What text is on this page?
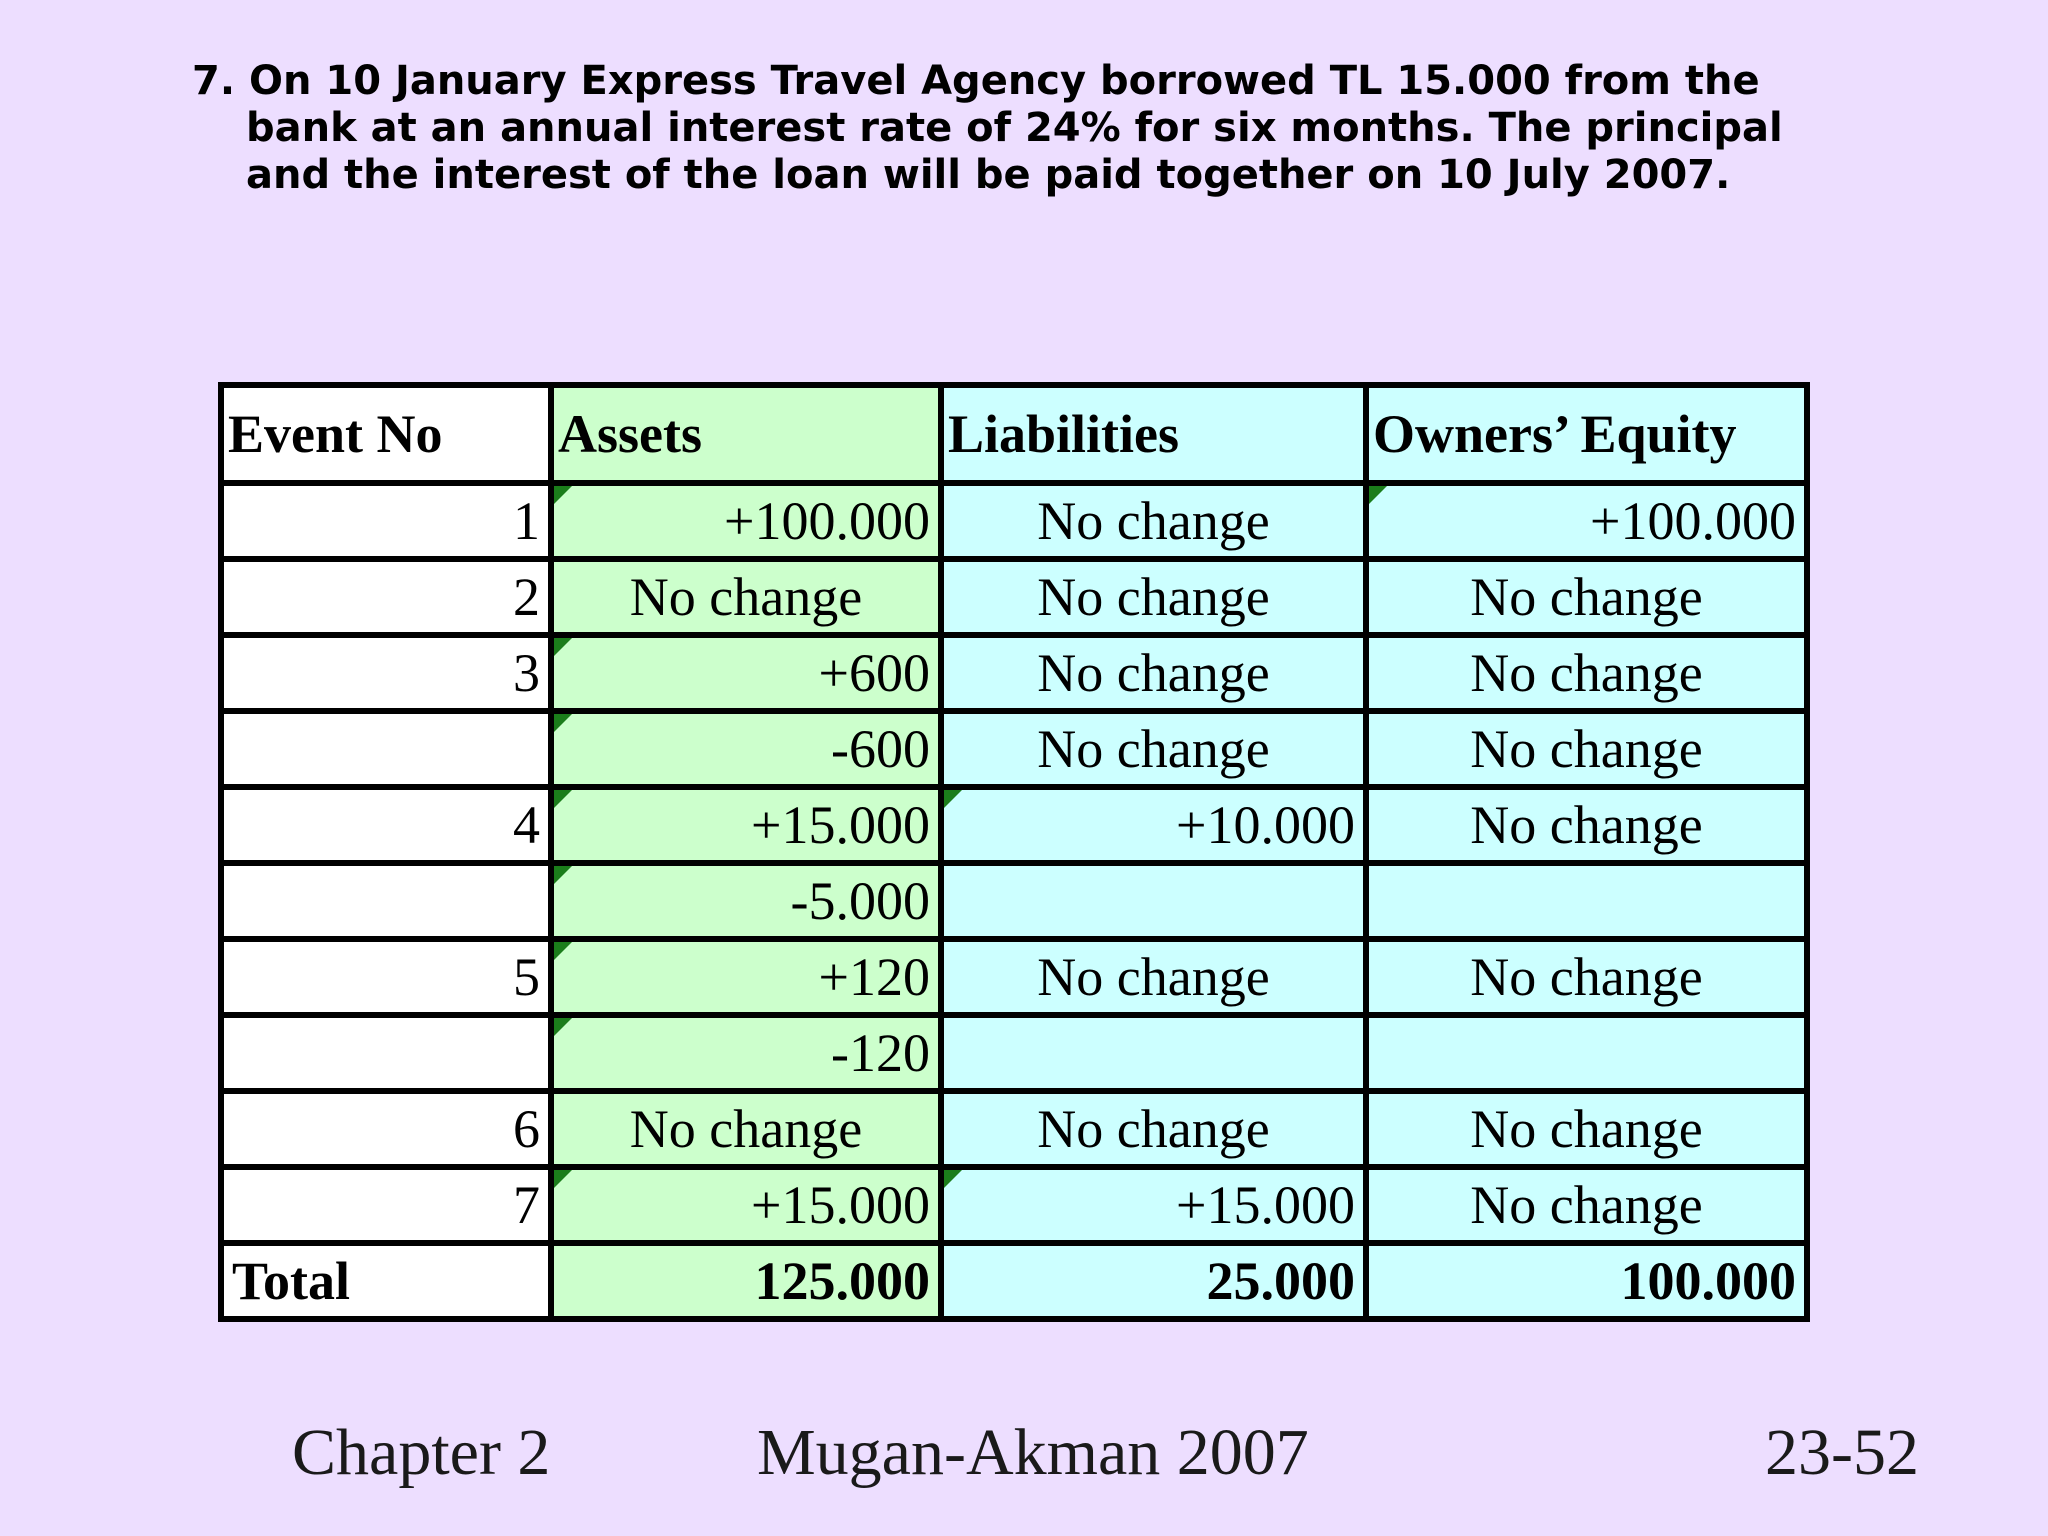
7. On 10 January Express Travel Agency borrowed TL 15.000 from the
bank at an annual interest rate of 24% for six months. The principal
and the interest of the loan will be paid together on 10 July 2007.
Event No	Assets	Liabilities	Owners’ Equity
1	+100.000	No change	+100.000
2	No change	No change	No change
3	+600	No change	No change
	-600	No change	No change
4	+15.000	+10.000	No change
	-5.000		
5	+120	No change	No change
	-120		
6	No change	No change	No change
7	+15.000	+15.000	No change
Total	125.000	25.000	100.000
Chapter 2	Mugan-Akman 2007	23-52
